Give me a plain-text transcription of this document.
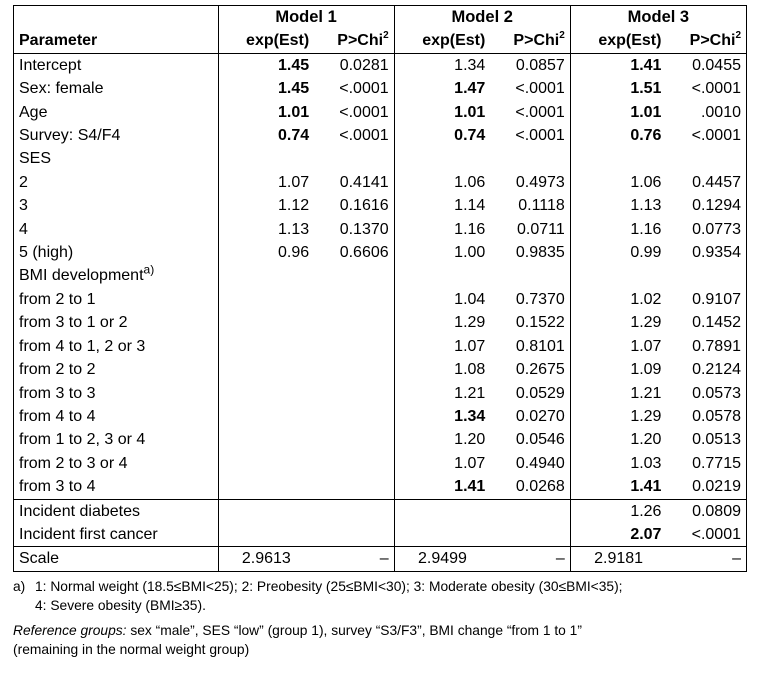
	Model 1		Model 2		Model 3	
Parameter	exp(Est)	P>Chi$^2$	exp(Est)	P>Chi$^2$	exp(Est)	P>Chi$^2$
Intercept	1.45	0.0281	1.34	0.0857	1.41	0.0455
Sex: female	1.45	<.0001	1.47	<.0001	1.51	<.0001
Age	1.01	<.0001	1.01	<.0001	1.01	.0010
Survey: S4/F4	0.74	<.0001	0.74	<.0001	0.76	<.0001
SES						
2	1.07	0.4141	1.06	0.4973	1.06	0.4457
3	1.12	0.1616	1.14	0.1118	1.13	0.1294
4	1.13	0.1370	1.16	0.0711	1.16	0.0773
5 (high)	0.96	0.6606	1.00	0.9835	0.99	0.9354
BMI development$^{a)}$						
from 2 to 1			1.04	0.7370	1.02	0.9107
from 3 to 1 or 2			1.29	0.1522	1.29	0.1452
from 4 to 1, 2 or 3			1.07	0.8101	1.07	0.7891
from 2 to 2			1.08	0.2675	1.09	0.2124
from 3 to 3			1.21	0.0529	1.21	0.0573
from 4 to 4			1.34	0.0270	1.29	0.0578
from 1 to 2, 3 or 4			1.20	0.0546	1.20	0.0513
from 2 to 3 or 4			1.07	0.4940	1.03	0.7715
from 3 to 4			1.41	0.0268	1.41	0.0219
Incident diabetes					1.26	0.0809
Incident first cancer					2.07	<.0001
Scale	2.9613	–	2.9499	–	2.9181	–
a) 1: Normal weight (18.5≤BMI<25); 2: Preobesity (25≤BMI<30); 3: Moderate obesity (30≤BMI<35);
4: Severe obesity (BMI≥35).
Reference groups: sex “male”, SES “low” (group 1), survey “S3/F3”, BMI change “from 1 to 1”
(remaining in the normal weight group)
